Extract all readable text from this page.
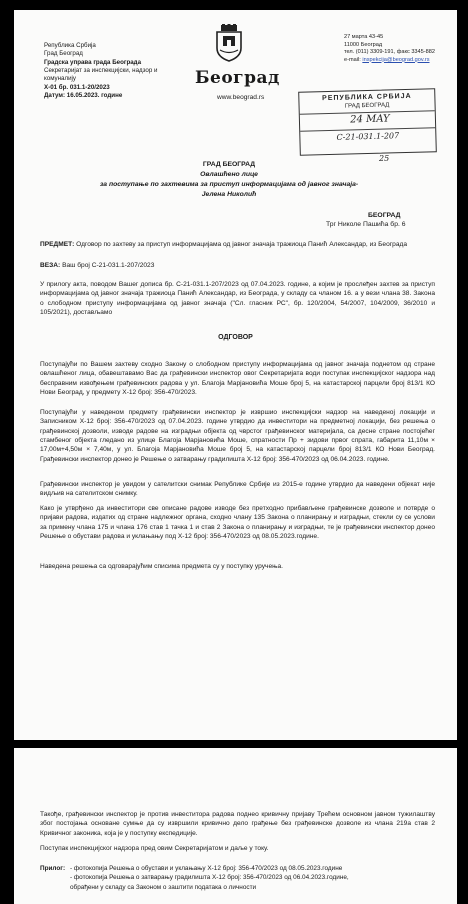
Република Србија
Град Београд
Градска управа града Београда
Секретаријат за инспекцијски, надзор и
комуналију
X-01 бр. 031.1-20/2023
Датум: 16.05.2023. године
Београд
www.beograd.rs
27 марта 43-45
11000 Београд
тел. (011) 3309-191, факс 3345-882
e-mail: inspekcija@beograd.gov.rs
РЕПУБЛИКА СРБИЈА
ГРАД БЕОГРАД
24 MAY
С-21-031.1-207
25
ГРАД БЕОГРАД
Овлашћено лице
за поступање по захтевима за приступ информацијама од јавног значаја-
Јелена Николић
БЕОГРАД
Трг Николе Пашића бр. 6
ПРЕДМЕТ: Одговор по захтеву за приступ информацијама од јавног значаја тражиоца Панић Александар, из Београда
ВЕЗА: Ваш број С-21-031.1-207/2023
У прилогу акта, поводом Вашег дописа бр. С-21-031.1-207/2023 од 07.04.2023. године, а којим је прослеђен захтев за приступ информацијама од јавног значаја тражиоца Панић Александар, из Београда, у складу са чланом 16. а у вези члана 38. Закона о слободном приступу информацијама од јавног значаја ("Сл. гласник РС", бр. 120/2004, 54/2007, 104/2009, 36/2010 и 105/2021), достављамо
ОДГОВОР
Поступајући по Вашем захтеву сходно Закону о слободном приступу информацијама од јавног значаја поднетом од стране овлашћеног лица, обавештавамо Вас да грађевински инспектор овог Секретаријата води поступак инспекцијског надзора над бесправним извођењем грађевинских радова у ул. Благоја Марјановића Моше број 5, на катастарској парцели број 813/1 КО Нови Београд, у предмету X-12 број: 356-470/2023.
Поступајући у наведеном предмету грађевински инспектор је извршио инспекцијски надзор на наведеној локацији и Записником X-12 број: 356-470/2023 од 07.04.2023. године утврдио да инвеститори на предметној локацији, без решења о грађевинској дозволи, изводе радове на изградњи објекта од чврстог грађевинског материјала, са десне стране постојећег стамбеног објекта гледано из улице Благоја Марјановића Моше, спратности Пр + зидови првог спрата, габарита 11,10м × 17,00м+4,50м × 7,40м, у ул. Благоја Марјановића Моше број 5, на катастарској парцели број 813/1 КО Нови Београд. Грађевински инспектор донео је Решење о затварању градилишта X-12 број: 356-470/2023 од 06.04.2023. године.
Грађевински инспектор је увидом у сателитски снимак Републике Србије из 2015-е године утврдио да наведени објекат није видљив на сателитском снимку.
Како је утврђено да инвеститори све описане радове изводе без претходно прибављене грађевинске дозволе и потврде о пријави радова, издатих од стране надлежног органа, сходно члану 135 Закона о планирању и изградњи, стекли су се услови за примену члана 175 и члана 176 став 1 тачка 1 и став 2 Закона о планирању и изградњи, те је грађевински инспектор донео Решење о обустави радова и уклањању под X-12 број: 356-470/2023 од 08.05.2023.године.
Наведена решења са одговарајућим списима предмета су у поступку уручења.
Такође, грађевински инспектор је против инвеститора радова поднео кривичну пријаву Трећем основном јавном тужилаштву због постојања основане сумње да су извршили кривично дело грађење без грађевинске дозволе из члана 219а став 2 Кривичног законика, која је у поступку експедиције.
Поступак инспекцијског надзора пред овим Секретаријатом и даље у току.
Прилог: - фотокопија Решења о обустави и уклањању X-12 број: 356-470/2023 од 08.05.2023.године
- фотокопија Решења о затварању градилишта X-12 број: 356-470/2023 од 06.04.2023.године,
обрађени у складу са Законом о заштити података о личности
